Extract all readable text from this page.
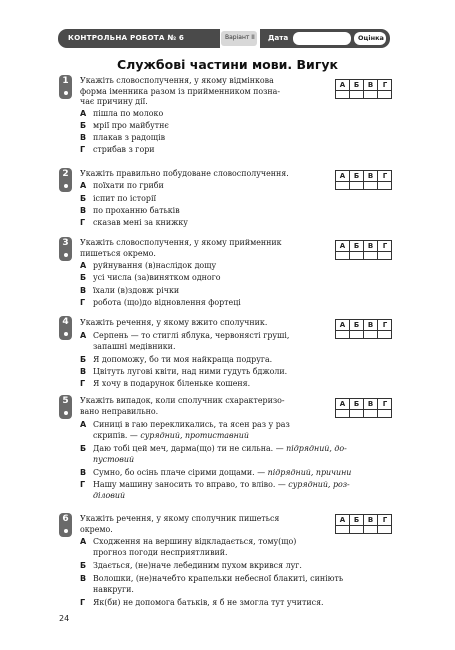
КОНТРОЛЬНА РОБОТА № 6	Варіант II Дата	Оцінка
Службові частини мови. Вигук
1	Укажіть словосполучення, у якому відмінкова
форма іменника разом із прийменником позна-
чає причину дії.
А пішла по молоко
Б мрії про майбутнє
В плакав з радощів
Г стрибав з гори
А	Б	В	Г
2	Укажіть правильно побудоване словосполучення.
А поїхати по гриби
Б іспит по історії
В по проханню батьків
Г сказав мені за книжку
А	Б	В	Г
3	Укажіть словосполучення, у якому прийменник
пишеться окремо.
А руйнування (в)наслідок дощу
Б усі числа (за)винятком одного
В їхали (в)здовж річки
Г робота (що)до відновлення фортеці
А	Б	В	Г
4	Укажіть речення, у якому вжито сполучник.
А Серпень — то стиглі яблука, червонясті груші,
запашні медівники.
Б Я допоможу, бо ти моя найкраща подруга.
В Цвітуть лугові квіти, над ними гудуть бджоли.
Г Я хочу в подарунок біленьке кошеня.
А	Б	В	Г
5	Укажіть випадок, коли сполучник схарактеризо-
вано неправильно.
А Синиці в гаю перекликались, та ясен раз у раз
скрипів. — сурядний, протиставний
Б Даю тобі цей меч, дарма(що) ти не сильна. — підрядний, до-
пустовий
В Сумно, бо осінь плаче сірими дощами. — підрядний, причини
Г Нашу машину заносить то вправо, то вліво. — сурядний, роз-
діловий
А	Б	В	Г
6	Укажіть речення, у якому сполучник пишеться
окремо.
А Сходження на вершину відкладається, тому(що)
прогноз погоди несприятливий.
Б Здається, (не)наче лебединим пухом вкрився луг.
В Волошки, (не)начебто крапельки небесної блакиті, синіють
навкруги.
Г Як(би) не допомога батьків, я б не змогла тут учитися.
А	Б	В	Г
24
